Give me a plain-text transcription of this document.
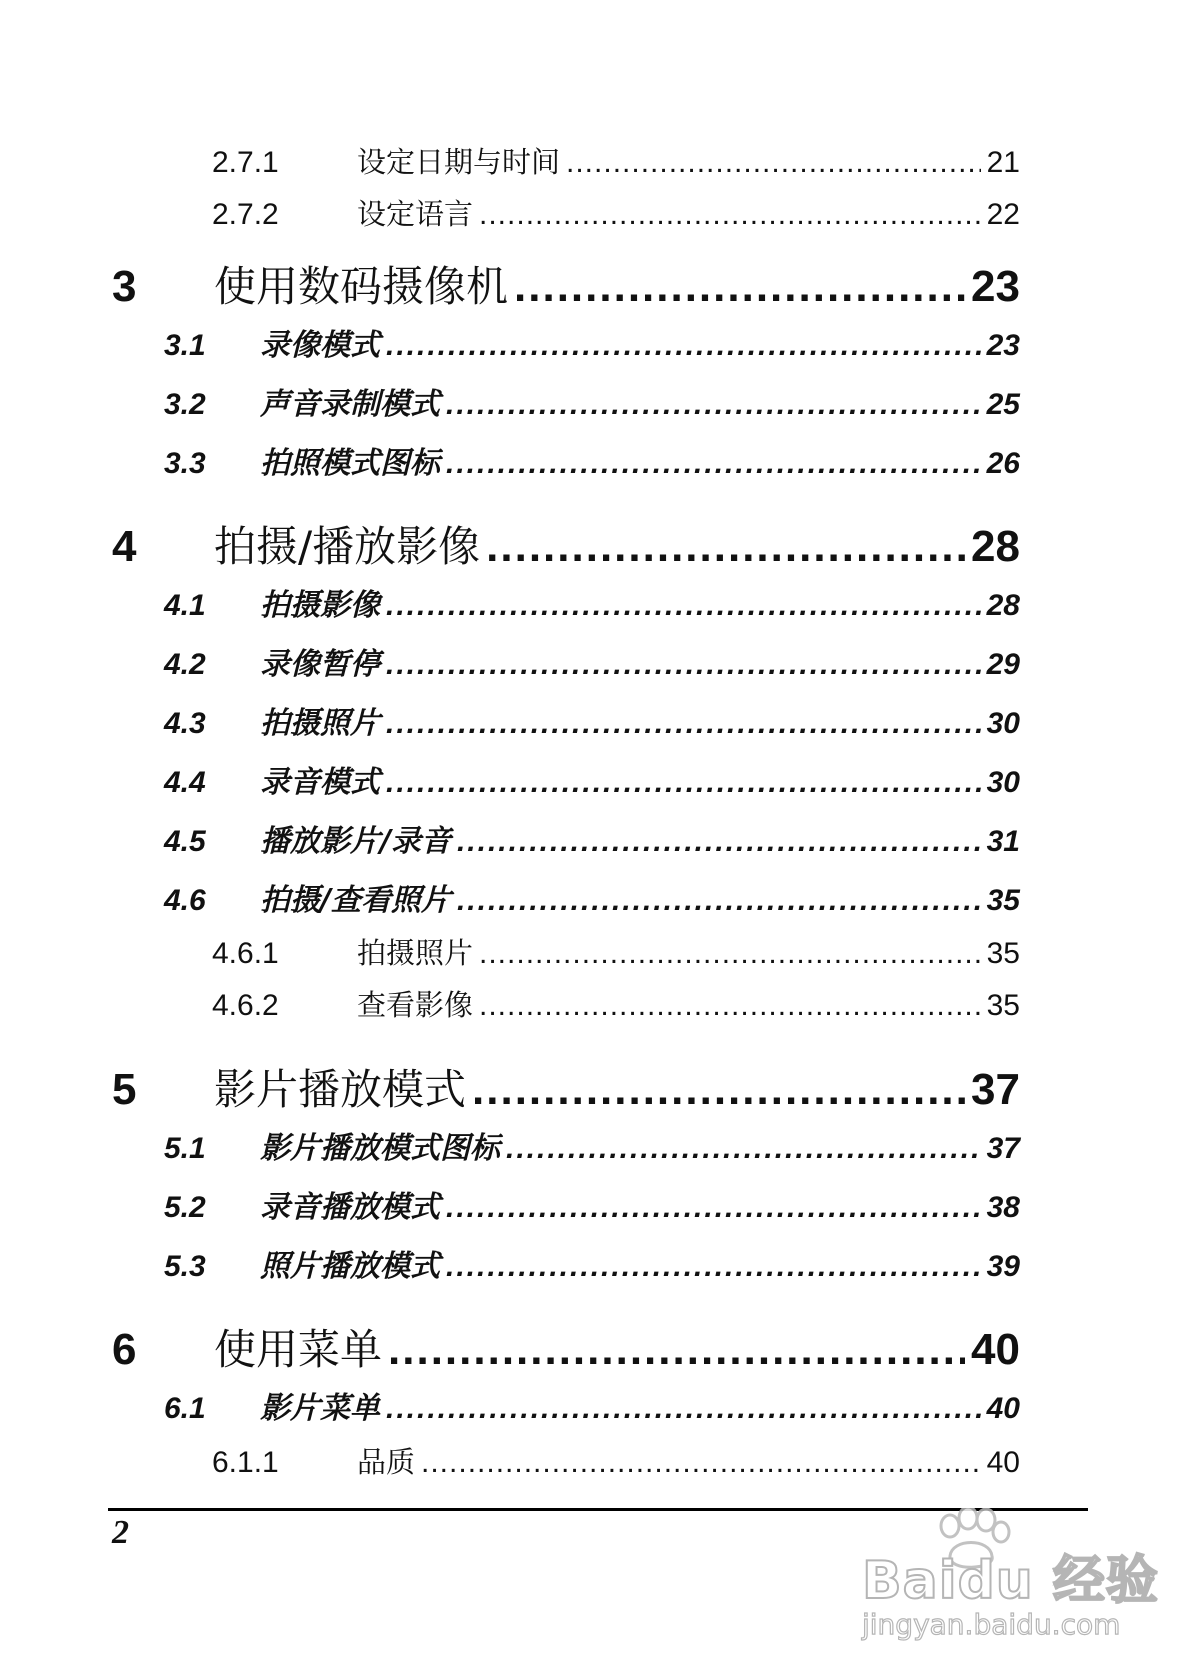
2.7.1	设定日期与时间 .....	21
2.7.2	设定语言 .....	22
3	使用数码摄像机 .....	23
3.1	录像模式 .....	23
3.2	声音录制模式 .....	25
3.3	拍照模式图标 .....	26
4	拍摄/播放影像 .....	28
4.1	拍摄影像 .....	28
4.2	录像暂停 .....	29
4.3	拍摄照片 .....	30
4.4	录音模式 .....	30
4.5	播放影片/录音 .....	31
4.6	拍摄/查看照片 .....	35
4.6.1	拍摄照片 .....	35
4.6.2	查看影像 .....	35
5	影片播放模式 .....	37
5.1	影片播放模式图标 .....	37
5.2	录音播放模式 .....	38
5.3	照片播放模式 .....	39
6	使用菜单 .....	40
6.1	影片菜单 .....	40
6.1.1	品质 .....	40
2
Baidu 经验
jingyan.baidu.com
